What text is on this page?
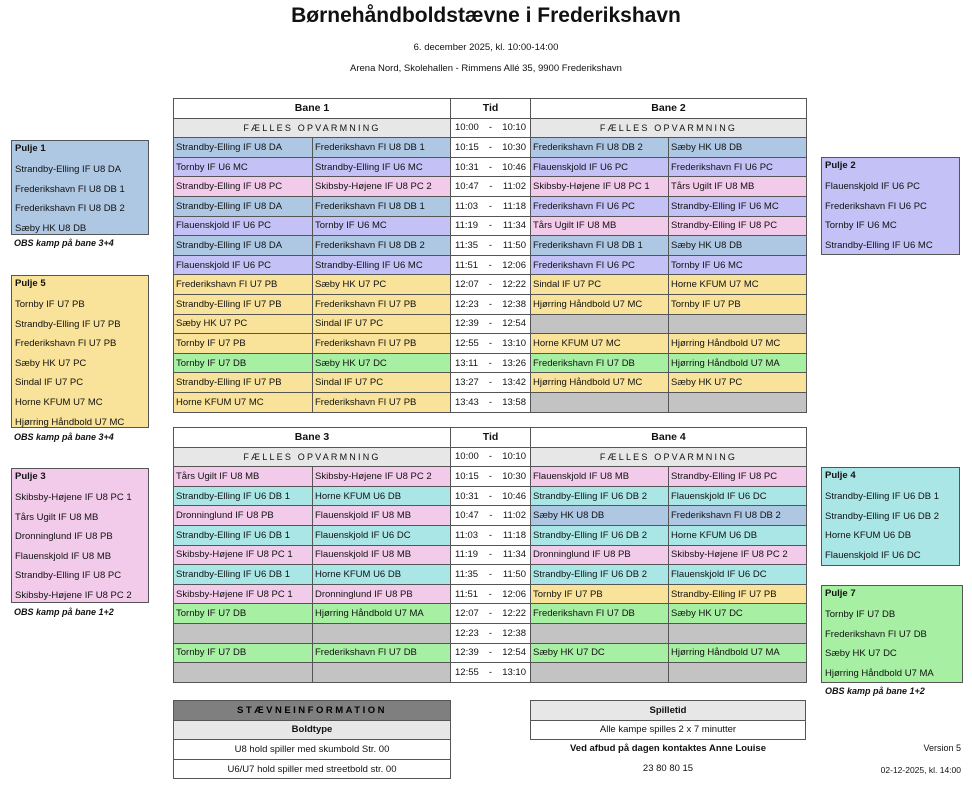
Børnehåndboldstævne i Frederikshavn
6. december 2025, kl. 10:00-14:00
Arena Nord, Skolehallen - Rimmens Allé 35, 9900 Frederikshavn
Bane 1		Tid	Bane 2	
FÆLLES OPVARMNING		10:00 - 10:10	FÆLLES OPVARMNING	
Strandby-Elling IF U8 DA	Frederikshavn FI U8 DB 1	10:15 - 10:30	Frederikshavn FI U8 DB 2	Sæby HK U8 DB
Tornby IF U6 MC	Strandby-Elling IF U6 MC	10:31 - 10:46	Flauenskjold IF U6 PC	Frederikshavn FI U6 PC
Strandby-Elling IF U8 PC	Skibsby-Højene IF U8 PC 2	10:47 - 11:02	Skibsby-Højene IF U8 PC 1	Tårs Ugilt IF U8 MB
Strandby-Elling IF U8 DA	Frederikshavn FI U8 DB 1	11:03 - 11:18	Frederikshavn FI U6 PC	Strandby-Elling IF U6 MC
Flauenskjold IF U6 PC	Tornby IF U6 MC	11:19 - 11:34	Tårs Ugilt IF U8 MB	Strandby-Elling IF U8 PC
Strandby-Elling IF U8 DA	Frederikshavn FI U8 DB 2	11:35 - 11:50	Frederikshavn FI U8 DB 1	Sæby HK U8 DB
Flauenskjold IF U6 PC	Strandby-Elling IF U6 MC	11:51 - 12:06	Frederikshavn FI U6 PC	Tornby IF U6 MC
Frederikshavn FI U7 PB	Sæby HK U7 PC	12:07 - 12:22	Sindal IF U7 PC	Horne KFUM U7 MC
Strandby-Elling IF U7 PB	Frederikshavn FI U7 PB	12:23 - 12:38	Hjørring Håndbold U7 MC	Tornby IF U7 PB
Sæby HK U7 PC	Sindal IF U7 PC	12:39 - 12:54		

Tornby IF U7 PB	Frederikshavn FI U7 PB	12:55 - 13:10	Horne KFUM U7 MC	Hjørring Håndbold U7 MC
Tornby IF U7 DB	Sæby HK U7 DC	13:11 - 13:26	Frederikshavn FI U7 DB	Hjørring Håndbold U7 MA
Strandby-Elling IF U7 PB	Sindal IF U7 PC	13:27 - 13:42	Hjørring Håndbold U7 MC	Sæby HK U7 PC
Horne KFUM U7 MC	Frederikshavn FI U7 PB	13:43 - 13:58		

Bane 3		Tid	Bane 4	
FÆLLES OPVARMNING		10:00 - 10:10	FÆLLES OPVARMNING	
Tårs Ugilt IF U8 MB	Skibsby-Højene IF U8 PC 2	10:15 - 10:30	Flauenskjold IF U8 MB	Strandby-Elling IF U8 PC
Strandby-Elling IF U6 DB 1	Horne KFUM U6 DB	10:31 - 10:46	Strandby-Elling IF U6 DB 2	Flauenskjold IF U6 DC
Dronninglund IF U8 PB	Flauenskjold IF U8 MB	10:47 - 11:02	Sæby HK U8 DB	Frederikshavn FI U8 DB 2
Strandby-Elling IF U6 DB 1	Flauenskjold IF U6 DC	11:03 - 11:18	Strandby-Elling IF U6 DB 2	Horne KFUM U6 DB
Skibsby-Højene IF U8 PC 1	Flauenskjold IF U8 MB	11:19 - 11:34	Dronninglund IF U8 PB	Skibsby-Højene IF U8 PC 2
Strandby-Elling IF U6 DB 1	Horne KFUM U6 DB	11:35 - 11:50	Strandby-Elling IF U6 DB 2	Flauenskjold IF U6 DC
Skibsby-Højene IF U8 PC 1	Dronninglund IF U8 PB	11:51 - 12:06	Tornby IF U7 PB	Strandby-Elling IF U7 PB
Tornby IF U7 DB	Hjørring Håndbold U7 MA	12:07 - 12:22	Frederikshavn FI U7 DB	Sæby HK U7 DC

		12:23 - 12:38		

Tornby IF U7 DB	Frederikshavn FI U7 DB	12:39 - 12:54	Sæby HK U7 DC	Hjørring Håndbold U7 MA

		12:55 - 13:10		

Pulje 1
Strandby-Elling IF U8 DA
Frederikshavn FI U8 DB 1
Frederikshavn FI U8 DB 2
Sæby HK U8 DB
OBS kamp på bane 3+4
Pulje 5
Tornby IF U7 PB
Strandby-Elling IF U7 PB
Frederikshavn FI U7 PB
Sæby HK U7 PC
Sindal IF U7 PC
Horne KFUM U7 MC
Hjørring Håndbold U7 MC
OBS kamp på bane 3+4
Pulje 3
Skibsby-Højene IF U8 PC 1
Tårs Ugilt IF U8 MB
Dronninglund IF U8 PB
Flauenskjold IF U8 MB
Strandby-Elling IF U8 PC
Skibsby-Højene IF U8 PC 2
OBS kamp på bane 1+2
Pulje 2
Flauenskjold IF U6 PC
Frederikshavn FI U6 PC
Tornby IF U6 MC
Strandby-Elling IF U6 MC
Pulje 4
Strandby-Elling IF U6 DB 1
Strandby-Elling IF U6 DB 2
Horne KFUM U6 DB
Flauenskjold IF U6 DC
Pulje 7
Tornby IF U7 DB
Frederikshavn FI U7 DB
Sæby HK U7 DC
Hjørring Håndbold U7 MA
OBS kamp på bane 1+2
STÆVNEINFORMATION
Boldtype
U8 hold spiller med skumbold Str. 00
U6/U7 hold spiller med streetbold str. 00
Spilletid
Alle kampe spilles 2 x 7 minutter
Ved afbud på dagen kontaktes Anne Louise
23 80 80 15
Version 5
02-12-2025, kl. 14:00
